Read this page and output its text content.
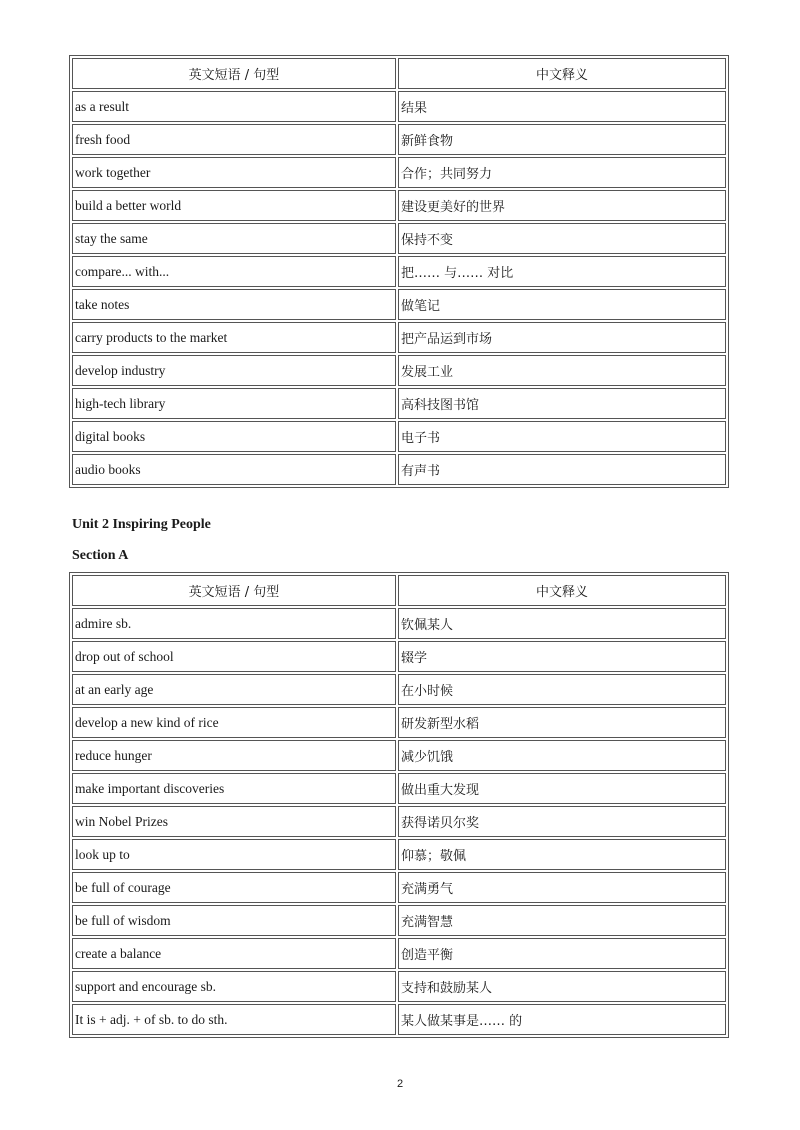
英文短语 / 句型	中文释义
as a result	结果
fresh food	新鲜食物
work together	合作；共同努力
build a better world	建设更美好的世界
stay the same	保持不变
compare... with...	把…… 与…… 对比
take notes	做笔记
carry products to the market	把产品运到市场
develop industry	发展工业
high-tech library	高科技图书馆
digital books	电子书
audio books	有声书
Unit 2 Inspiring People
Section A
英文短语 / 句型	中文释义
admire sb.	钦佩某人
drop out of school	辍学
at an early age	在小时候
develop a new kind of rice	研发新型水稻
reduce hunger	减少饥饿
make important discoveries	做出重大发现
win Nobel Prizes	获得诺贝尔奖
look up to	仰慕；敬佩
be full of courage	充满勇气
be full of wisdom	充满智慧
create a balance	创造平衡
support and encourage sb.	支持和鼓励某人
It is + adj. + of sb. to do sth.	某人做某事是…… 的
2
